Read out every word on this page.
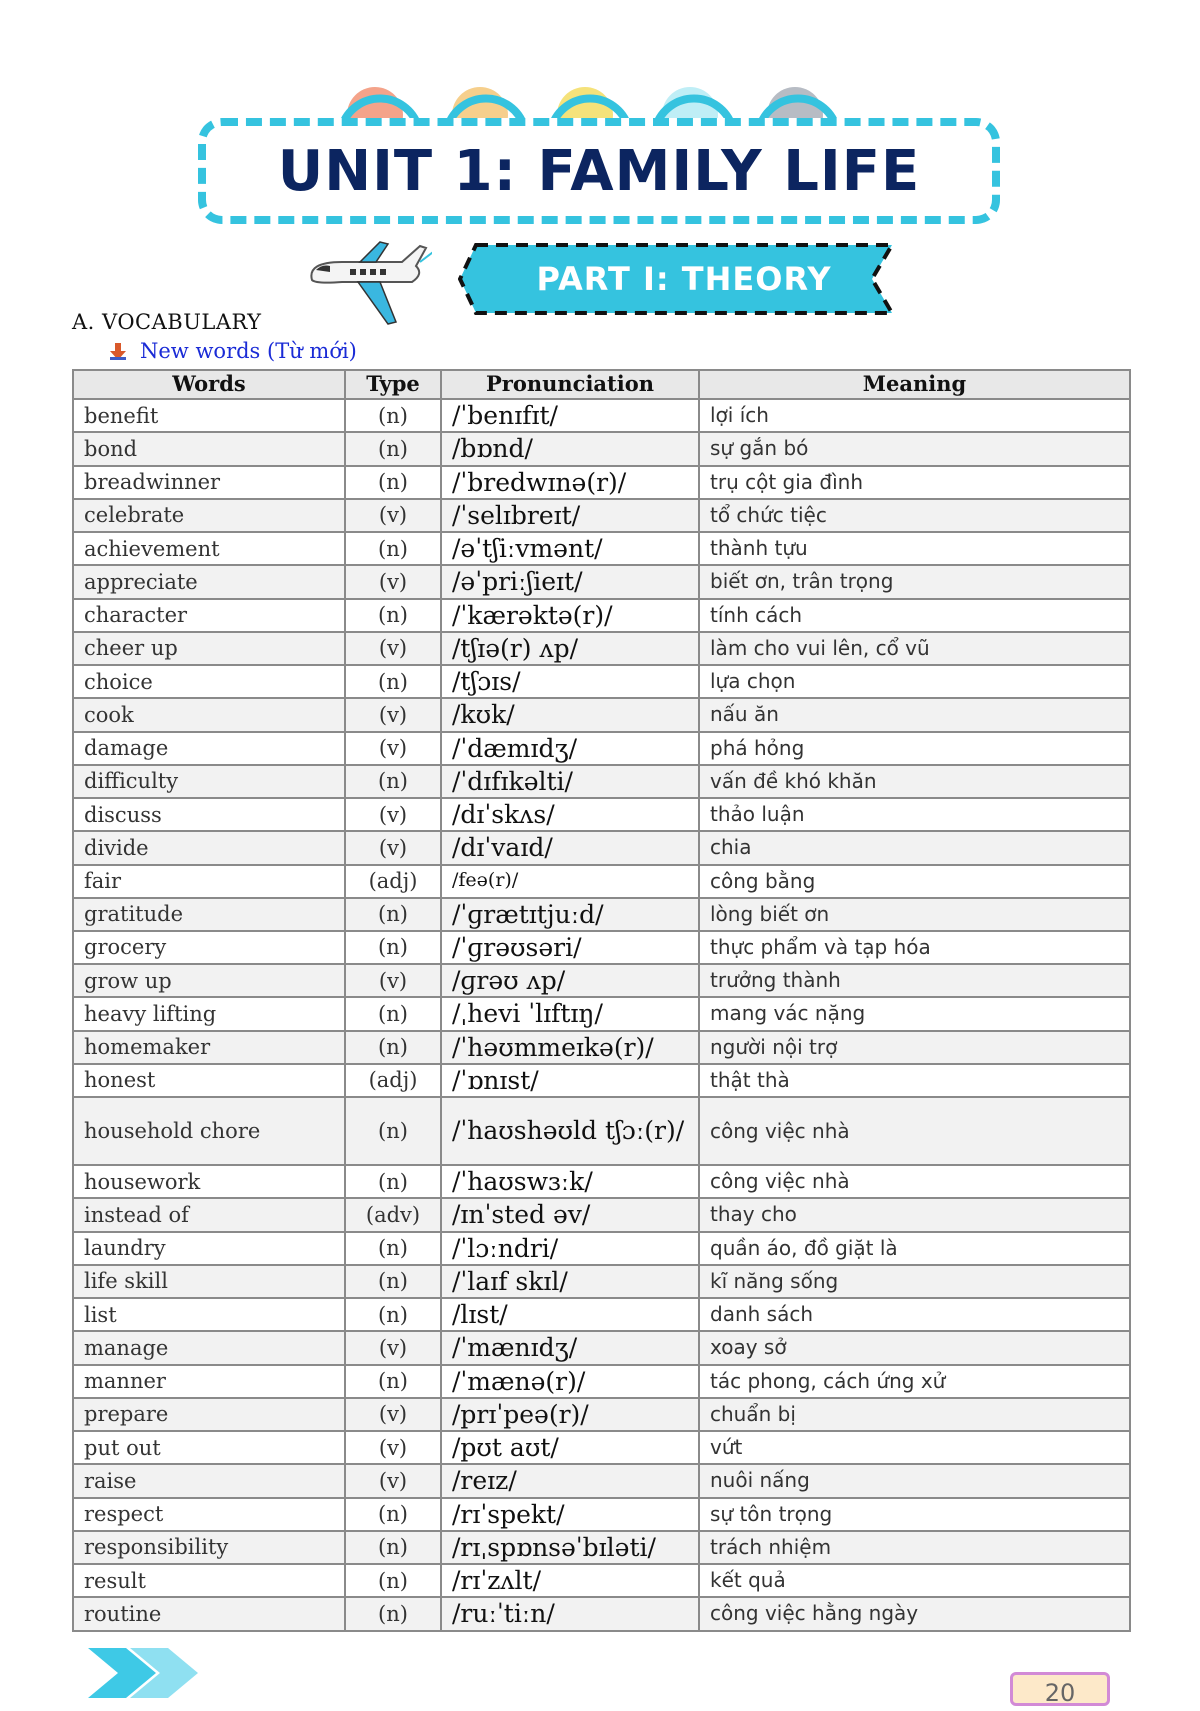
UNIT 1: FAMILY LIFE
PART I: THEORY
A. VOCABULARY
New words (Từ mới)
Words	Type	Pronunciation	Meaning
benefit	(n)	/ˈbenɪfɪt/	lợi ích
bond	(n)	/bɒnd/	sự gắn bó
breadwinner	(n)	/ˈbredwɪnə(r)/	trụ cột gia đình
celebrate	(v)	/ˈselɪbreɪt/	tổ chức tiệc
achievement	(n)	/əˈtʃiːvmənt/	thành tựu
appreciate	(v)	/əˈpriːʃieɪt/	biết ơn, trân trọng
character	(n)	/ˈkærəktə(r)/	tính cách
cheer up	(v)	/tʃɪə(r) ʌp/	làm cho vui lên, cổ vũ
choice	(n)	/tʃɔɪs/	lựa chọn
cook	(v)	/kʊk/	nấu ăn
damage	(v)	/ˈdæmɪdʒ/	phá hỏng
difficulty	(n)	/ˈdɪfɪkəlti/	vấn đề khó khăn
discuss	(v)	/dɪˈskʌs/	thảo luận
divide	(v)	/dɪˈvaɪd/	chia
fair	(adj)	/feə(r)/	công bằng
gratitude	(n)	/ˈɡrætɪtjuːd/	lòng biết ơn
grocery	(n)	/ˈɡrəʊsəri/	thực phẩm và tạp hóa
grow up	(v)	/ɡrəʊ ʌp/	trưởng thành
heavy lifting	(n)	/ˌhevi ˈlɪftɪŋ/	mang vác nặng
homemaker	(n)	/ˈhəʊmmeɪkə(r)/	người nội trợ
honest	(adj)	/ˈɒnɪst/	thật thà
household chore	(n)	/ˈhaʊshəʊld tʃɔː(r)/	công việc nhà
housework	(n)	/ˈhaʊswɜːk/	công việc nhà
instead of	(adv)	/ɪnˈsted əv/	thay cho
laundry	(n)	/ˈlɔːndri/	quần áo, đồ giặt là
life skill	(n)	/ˈlaɪf skɪl/	kĩ năng sống
list	(n)	/lɪst/	danh sách
manage	(v)	/ˈmænɪdʒ/	xoay sở
manner	(n)	/ˈmænə(r)/	tác phong, cách ứng xử
prepare	(v)	/prɪˈpeə(r)/	chuẩn bị
put out	(v)	/pʊt aʊt/	vứt
raise	(v)	/reɪz/	nuôi nấng
respect	(n)	/rɪˈspekt/	sự tôn trọng
responsibility	(n)	/rɪˌspɒnsəˈbɪləti/	trách nhiệm
result	(n)	/rɪˈzʌlt/	kết quả
routine	(n)	/ruːˈtiːn/	công việc hằng ngày
20
